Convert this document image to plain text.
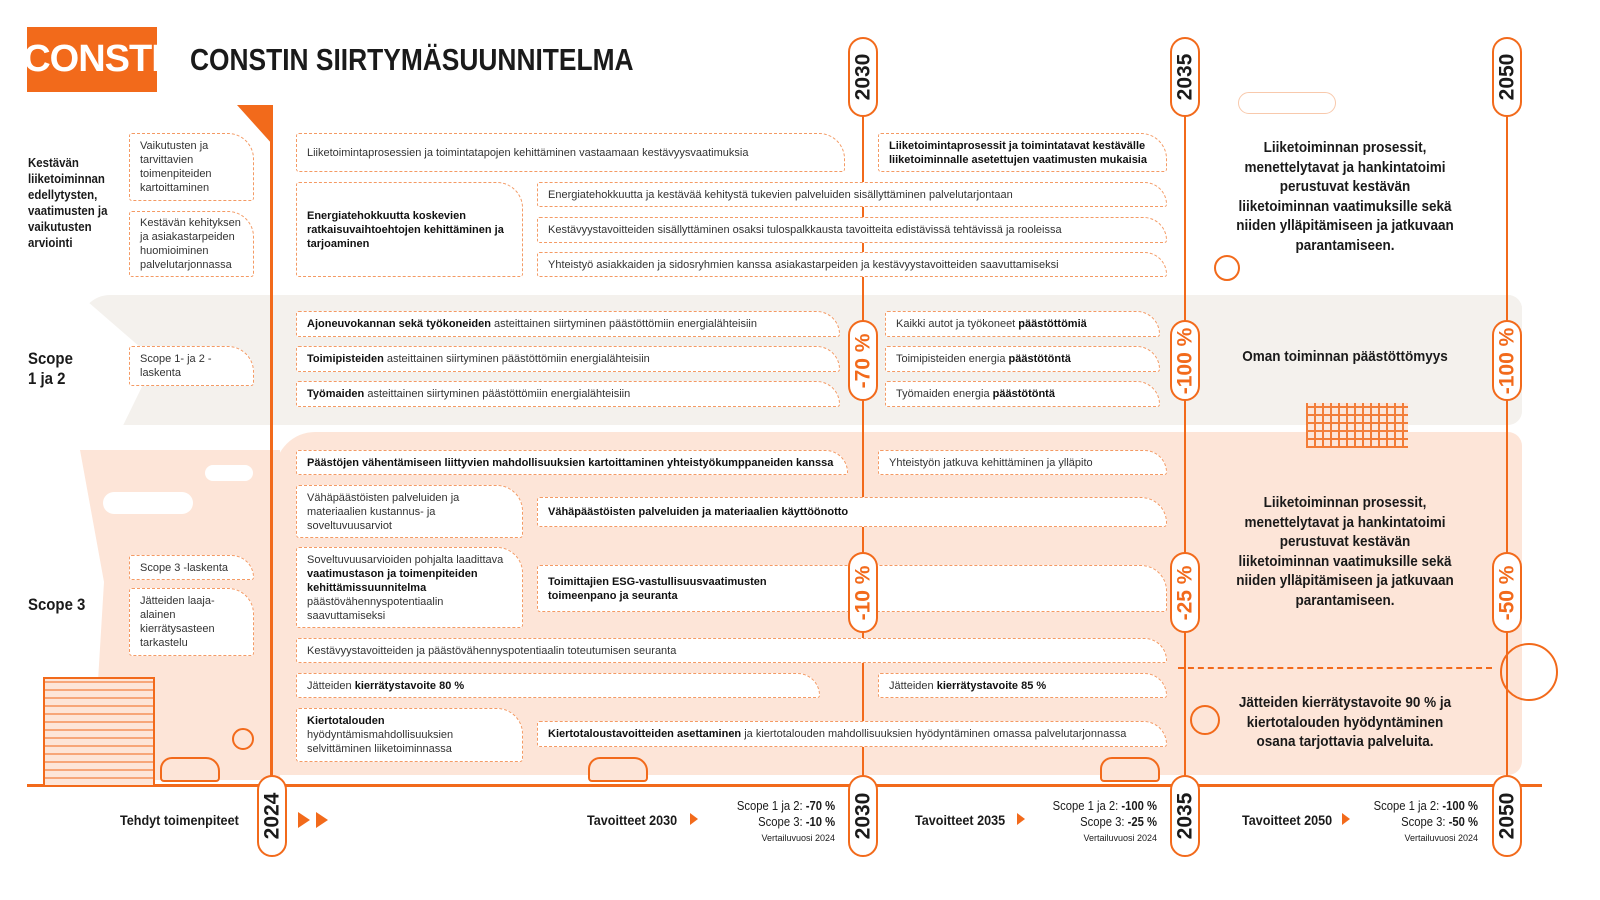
CONSTI CONSTIN SIIRTYMÄSUUNNITELMA
Kestävän liiketoiminnan edellytysten, vaatimusten ja vaikutusten arviointi
Scope 1 ja 2
Scope 3
Liiketoimintaprosessien ja toimintatapojen kehittäminen vastaamaan kestävyysvaatimuksia
Liiketoimintaprosessit ja toimintatavat kestävälle liiketoiminnalle asetettujen vaatimusten mukaisia
Energiatehokkuutta koskevien ratkaisuvaihtoehtojen kehittäminen ja tarjoaminen
Energiatehokkuutta ja kestävää kehitystä tukevien palveluiden sisällyttäminen palvelutarjontaan
Kestävyystavoitteiden sisällyttäminen osaksi tulospalkkausta tavoitteita edistävissä tehtävissä ja rooleissa
Yhteistyö asiakkaiden ja sidosryhmien kanssa asiakastarpeiden ja kestävyystavoitteiden saavuttamiseksi
Ajoneuvokannan sekä työkoneiden asteittainen siirtyminen päästöttömiin energialähteisiin
Toimipisteiden asteittainen siirtyminen päästöttömiin energialähteisiin
Työmaiden asteittainen siirtyminen päästöttömiin energialähteisiin
Kaikki autot ja työkoneet päästöttömiä
Toimipisteiden energia päästötöntä
Työmaiden energia päästötöntä
Päästöjen vähentämiseen liittyvien mahdollisuuksien kartoittaminen yhteistyökumppaneiden kanssa	Yhteistyön jatkuva kehittäminen ja ylläpito
Vähäpäästöisten palveluiden ja materiaalien kustannus- ja soveltuvuusarviot
Vähäpäästöisten palveluiden ja materiaalien käyttöönotto
Soveltuvuusarvioiden pohjalta laadittava vaatimustason ja toimenpiteiden kehittämissuunnitelma päästövähennyspotentiaalin saavuttamiseksi
Toimittajien ESG-vastullisuusvaatimusten toimeenpano ja seuranta
Kestävyystavoitteiden ja päästövähennyspotentiaalin toteutumisen seuranta
Jätteiden kierrätystavoite 80 %	Jätteiden kierrätystavoite 85 %
Kiertotalouden hyödyntämismahdollisuuksien selvittäminen liiketoiminnassa
Kiertotaloustavoitteiden asettaminen ja kiertotalouden mahdollisuuksien hyödyntäminen omassa palvelutarjonnassa
Vaikutusten ja tarvittavien toimenpiteiden kartoittaminen
Kestävän kehityksen ja asiakastarpeiden huomioiminen palvelutarjonnassa
Scope 1- ja 2 -laskenta
Scope 3 -laskenta
Jätteiden laaja-alainen kierrätysasteen tarkastelu
2024
2030
2030
2035
2035
2050
2050
-70 %
-10 %
-100 %
-25 %
-100 %
-50 %
Liiketoiminnan prosessit, menettelytavat ja hankintatoimi perustuvat kestävän liiketoiminnan vaatimuksille sekä niiden ylläpitämiseen ja jatkuvaan parantamiseen.
Oman toiminnan päästöttömyys
Liiketoiminnan prosessit, menettelytavat ja hankintatoimi perustuvat kestävän liiketoiminnan vaatimuksille sekä niiden ylläpitämiseen ja jatkuvaan parantamiseen.
Jätteiden kierrätystavoite 90 % ja kiertotalouden hyödyntäminen osana tarjottavia palveluita.
Tehdyt toimenpiteet	Tavoitteet 2030
Scope 1 ja 2: -70 %
Scope 3: -10 %
Vertailuvuosi 2024
Tavoitteet 2035
Scope 1 ja 2: -100 %
Scope 3: -25 %
Vertailuvuosi 2024
Tavoitteet 2050
Scope 1 ja 2: -100 %
Scope 3: -50 %
Vertailuvuosi 2024
